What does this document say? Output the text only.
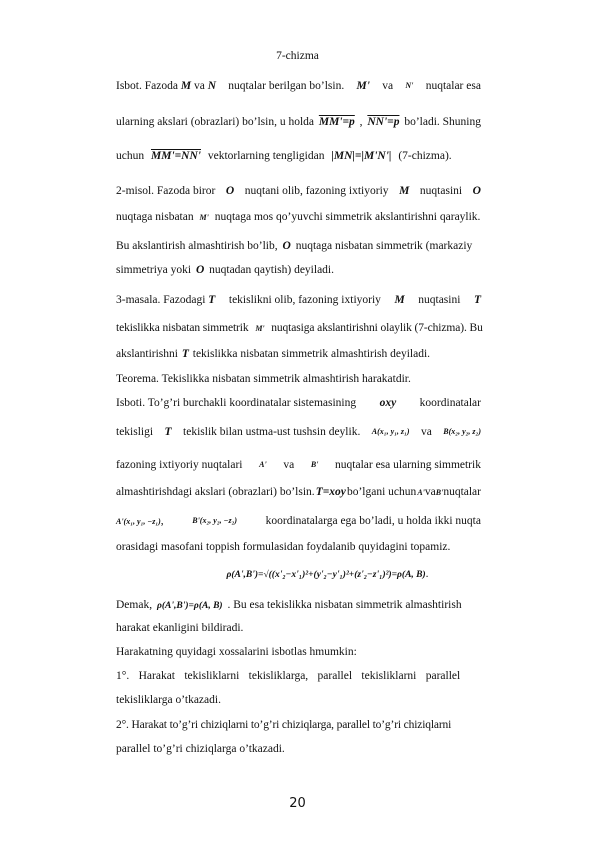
7-chizma
Isbot. Fazoda M va N nuqtalar berilgan bo’lsin. M' va N' nuqtalar esa
ularning akslari (obrazlari) bo’lsin, u holda MM'=p , NN'=p bo’ladi. Shuning
uchun MM'=NN' vektorlarning tengligidan |MN|=|M'N'| (7-chizma).
2-misol. Fazoda biror O nuqtani olib, fazoning ixtiyoriy M nuqtasini O
nuqtaga nisbatan M' nuqtaga mos qo’yuvchi simmetrik akslantirishni qaraylik.
Bu akslantirish almashtirish bo’lib, O nuqtaga nisbatan simmetrik (markaziy
simmetriya yoki O nuqtadan qaytish) deyiladi.
3-masala. Fazodagi T tekislikni olib, fazoning ixtiyoriy M nuqtasini T
tekislikka nisbatan simmetrik M' nuqtasiga akslantirishni olaylik (7-chizma). Bu
akslantirishni T tekislikka nisbatan simmetrik almashtirish deyiladi.
Teorema. Tekislikka nisbatan simmetrik almashtirish harakatdir.
Isboti. To’g’ri burchakli koordinatalar sistemasining oxy koordinatalar
tekisligi T tekislik bilan ustma-ust tushsin deylik. A(x₁, y₁, z₁) va B(x₂, y₂, z₂)
fazoning ixtiyoriy nuqtalari A' va B' nuqtalar esa ularning simmetrik
almashtirishdagi akslari (obrazlari) bo’lsin. T=xoy bo’lgani uchun A'vaB'nuqtalar
A'(x₁, y₁, −z₁),	B'(x₂, y₂, −z₂) koordinatalarga ega bo’ladi, u holda ikki nuqta
orasidagi masofani toppish formulasidan foydalanib quyidagini topamiz.
ρ(A',B')=√((x'₂−x'₁)²+(y'₂−y'₁)²+(z'₂−z'₁)²)=ρ(A, B).
Demak, ρ(A',B')=ρ(A, B) . Bu esa tekislikka nisbatan simmetrik almashtirish
harakat ekanligini bildiradi.
Harakatning quyidagi xossalarini isbotlas hmumkin:
1°. Harakat tekisliklarni tekisliklarga, parallel tekisliklarni parallel
tekisliklarga o’tkazadi.
2°. Harakat to’g’ri chiziqlarni to’g’ri chiziqlarga, parallel to’g’ri chiziqlarni
parallel to’g’ri chiziqlarga o’tkazadi.
20
